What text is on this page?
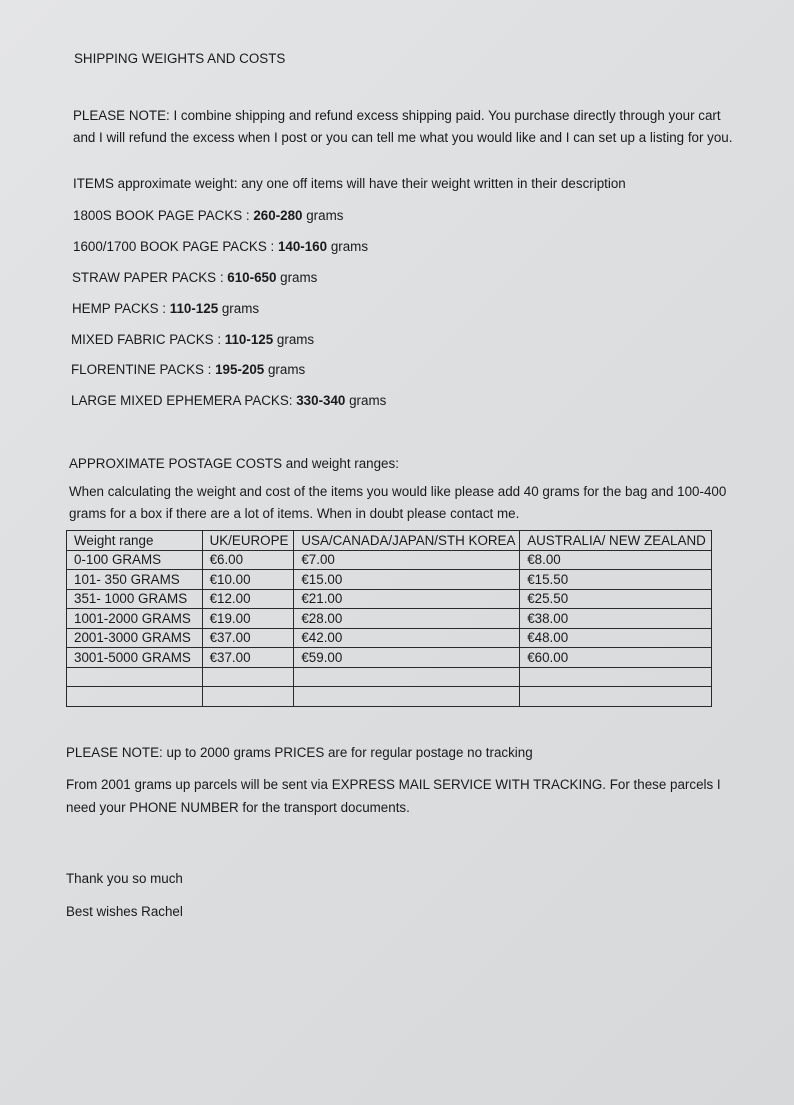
SHIPPING WEIGHTS AND COSTS
PLEASE NOTE: I combine shipping and refund excess shipping paid. You purchase directly through your cart and I will refund the excess when I post or you can tell me what you would like and I can set up a listing for you.
ITEMS approximate weight: any one off items will have their weight written in their description
1800S BOOK PAGE PACKS : 260-280 grams
1600/1700 BOOK PAGE PACKS : 140-160 grams
STRAW PAPER PACKS : 610-650 grams
HEMP PACKS : 110-125 grams
MIXED FABRIC PACKS : 110-125 grams
FLORENTINE PACKS : 195-205 grams
LARGE MIXED EPHEMERA PACKS: 330-340 grams
APPROXIMATE POSTAGE COSTS and weight ranges:
When calculating the weight and cost of the items you would like please add 40 grams for the bag and 100-400 grams for a box if there are a lot of items. When in doubt please contact me.
Weight range	UK/EUROPE	USA/CANADA/JAPAN/STH KOREA	AUSTRALIA/ NEW ZEALAND
0-100 GRAMS	€6.00	€7.00	€8.00
101- 350 GRAMS	€10.00	€15.00	€15.50
351- 1000 GRAMS	€12.00	€21.00	€25.50
1001-2000 GRAMS	€19.00	€28.00	€38.00
2001-3000 GRAMS	€37.00	€42.00	€48.00
3001-5000 GRAMS	€37.00	€59.00	€60.00

PLEASE NOTE: up to 2000 grams PRICES are for regular postage no tracking
From 2001 grams up parcels will be sent via EXPRESS MAIL SERVICE WITH TRACKING. For these parcels I
need your PHONE NUMBER for the transport documents.
Thank you so much
Best wishes Rachel
